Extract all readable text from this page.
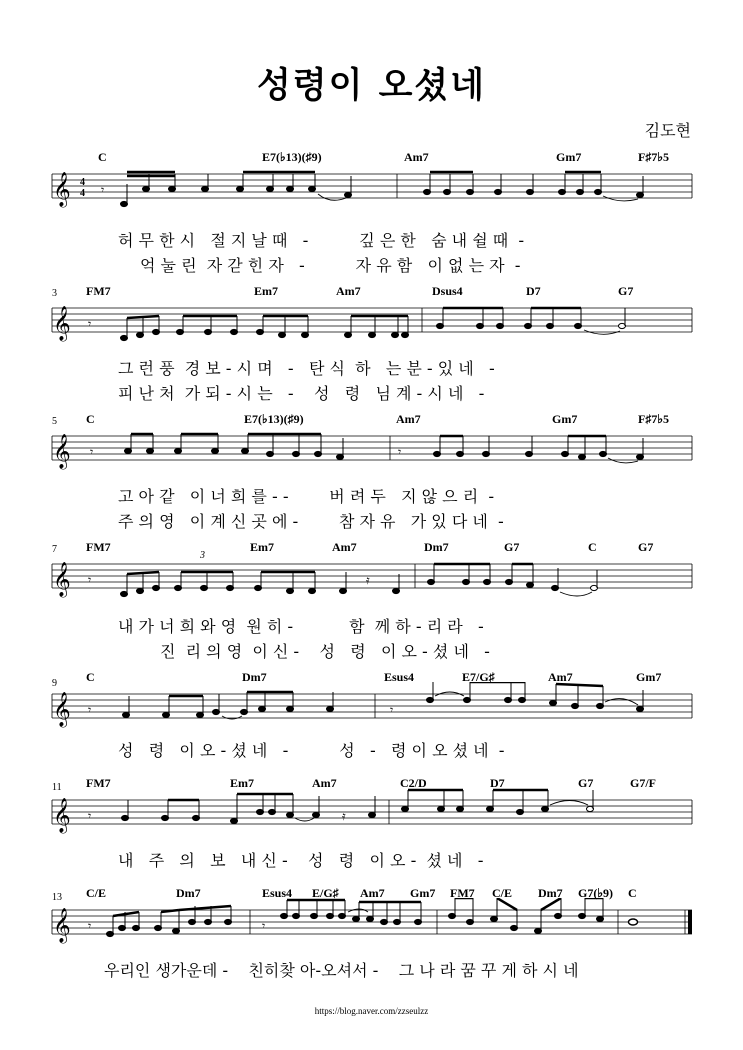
성령이 오셨네
김도현
C	E7(♭13)(♯9)	Am7	Gm7	F♯7♭5
𝄞 4
4 𝄾
허 무 한 시   절 지 날 때   -          깊 은 한   숨 내 쉴 때  -
억 눌 린  자 갇 힌 자   -          자 유 함   이 없 는 자  -
3 FM7	Em7	Am7	Dsus4	D7	G7
𝄞 𝄾
그 런 풍  경 보 - 시 며   -   탄 식  하   는 분 - 있 네   -
피 난 처  가 되 - 시 는   -    성   령   님 계 - 시 네   -
5 C	E7(♭13)(♯9)	Am7	Gm7	F♯7♭5
𝄞 𝄾	𝄾
고 아 같   이 너 희 를 - -        버 려 두   지 않 으 리  -
주 의 영   이 계 신 곳 에 -        참 자 유   가 있 다 네  -
7 FM7	Em7	Am7	Dm7	G7	C	G7
3
𝄞 𝄾	𝄿
내 가 너 희 와 영  원 히 -           함  께 하 - 리 라   -
진  리 의 영  이 신 -    성   령   이 오 - 셨 네   -
9 C	Dm7	Esus4	E7/G♯	Am7	Gm7
𝄞 𝄾	𝄾
성   령   이 오 - 셨 네   -          성   -   령 이 오 셨 네  -
11 FM7	Em7	Am7	C2/D	D7	G7	G7/F
𝄞 𝄾	𝄿
내   주   의   보   내 신 -    성   령   이 오 -  셨 네   -
13 C/E	Dm7	Esus4 E/G♯ Am7 Gm7 FM7 C/E Dm7 G7(♭9) C
𝄞 𝄾	𝄾
우리인 생가운데 -    친히찾 아-오셔서 -    그 나 라 꿈 꾸 게 하 시 네
https://blog.naver.com/zzseulzz
